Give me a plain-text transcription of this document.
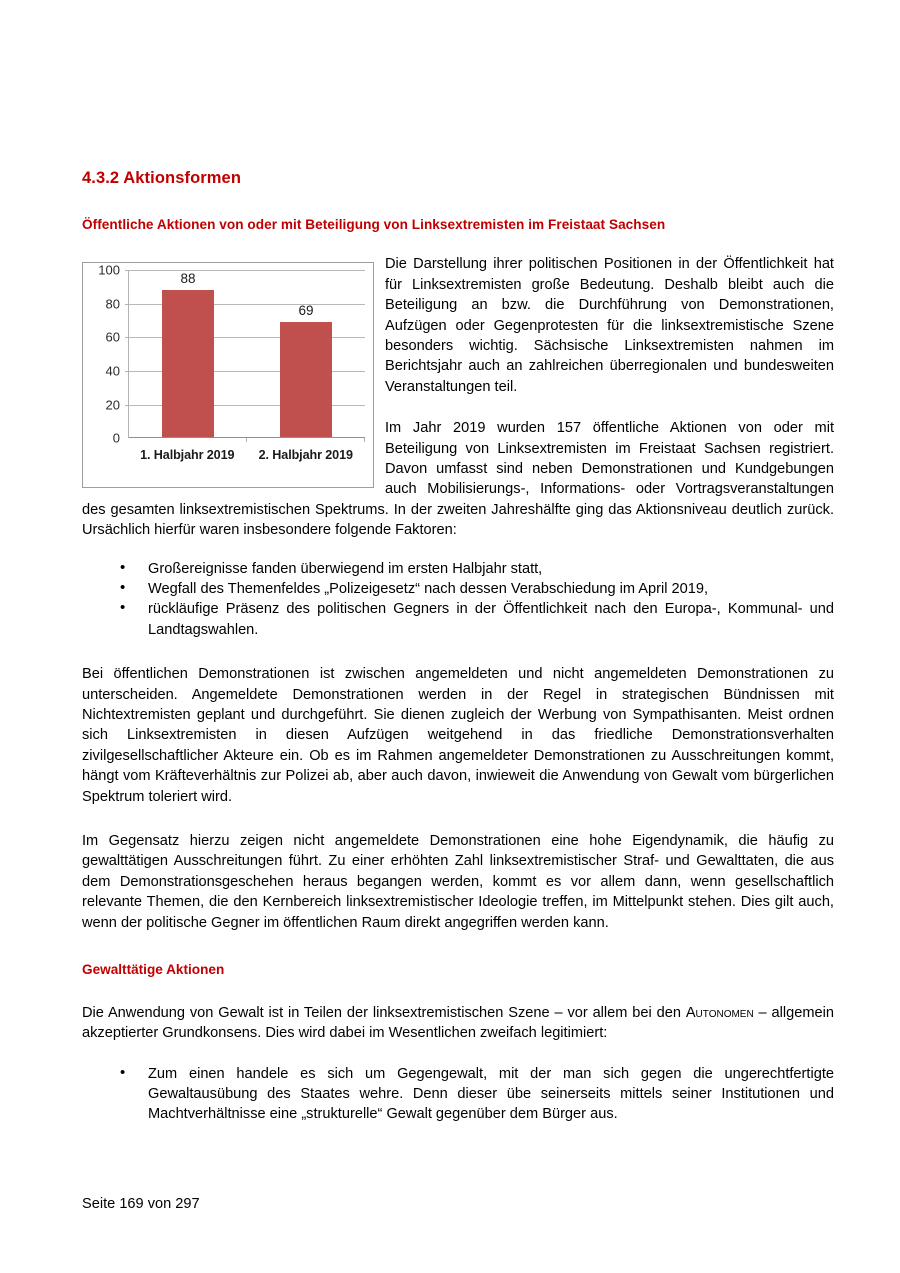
4.3.2 Aktionsformen
Öffentliche Aktionen von oder mit Beteiligung von Linksextremisten im Freistaat Sachsen
100
80
60
40
20
0
88
69
1. Halbjahr 2019	2. Halbjahr 2019

Die Darstellung ihrer politischen Positionen in der Öffentlichkeit hat für Linksextremisten große Bedeutung. Deshalb bleibt auch die Beteiligung an bzw. die Durchführung von Demonstrationen, Aufzügen oder Gegenprotesten für die linksextremistische Szene besonders wichtig. Sächsische Linksextremisten nahmen im Berichtsjahr auch an zahlreichen überregionalen und bundesweiten Veranstaltungen teil.

Im Jahr 2019 wurden 157 öffentliche Aktionen von oder mit Beteiligung von Linksextremisten im Freistaat Sachsen registriert. Davon umfasst sind neben Demonstrationen und Kundgebungen auch Mobilisierungs-, Informations- oder Vortragsveranstaltungen des gesamten linksextremistischen Spektrums. In der zweiten Jahreshälfte ging das Aktionsniveau deutlich zurück. Ursächlich hierfür waren insbesondere folgende Faktoren:

• Großereignisse fanden überwiegend im ersten Halbjahr statt,
• Wegfall des Themenfeldes „Polizeigesetz“ nach dessen Verabschiedung im April 2019,
• rückläufige Präsenz des politischen Gegners in der Öffentlichkeit nach den Europa-, Kommunal- und Landtagswahlen.

Bei öffentlichen Demonstrationen ist zwischen angemeldeten und nicht angemeldeten Demonstrationen zu unterscheiden. Angemeldete Demonstrationen werden in der Regel in strategischen Bündnissen mit Nichtextremisten geplant und durchgeführt. Sie dienen zugleich der Werbung von Sympathisanten. Meist ordnen sich Linksextremisten in diesen Aufzügen weitgehend in das friedliche Demonstrationsverhalten zivilgesellschaftlicher Akteure ein. Ob es im Rahmen angemeldeter Demonstrationen zu Ausschreitungen kommt, hängt vom Kräfteverhältnis zur Polizei ab, aber auch davon, inwieweit die Anwendung von Gewalt vom bürgerlichen Spektrum toleriert wird.

Im Gegensatz hierzu zeigen nicht angemeldete Demonstrationen eine hohe Eigendynamik, die häufig zu gewalttätigen Ausschreitungen führt. Zu einer erhöhten Zahl linksextremistischer Straf- und Gewalttaten, die aus dem Demonstrationsgeschehen heraus begangen werden, kommt es vor allem dann, wenn gesellschaftlich relevante Themen, die den Kernbereich linksextremistischer Ideologie treffen, im Mittelpunkt stehen. Dies gilt auch, wenn der politische Gegner im öffentlichen Raum direkt angegriffen werden kann.

Gewalttätige Aktionen

Die Anwendung von Gewalt ist in Teilen der linksextremistischen Szene – vor allem bei den Autonomen – allgemein akzeptierter Grundkonsens. Dies wird dabei im Wesentlichen zweifach legitimiert:

• Zum einen handele es sich um Gegengewalt, mit der man sich gegen die ungerechtfertigte Gewaltausübung des Staates wehre. Denn dieser übe seinerseits mittels seiner Institutionen und Machtverhältnisse eine „strukturelle“ Gewalt gegenüber dem Bürger aus.
Seite 169 von 297
